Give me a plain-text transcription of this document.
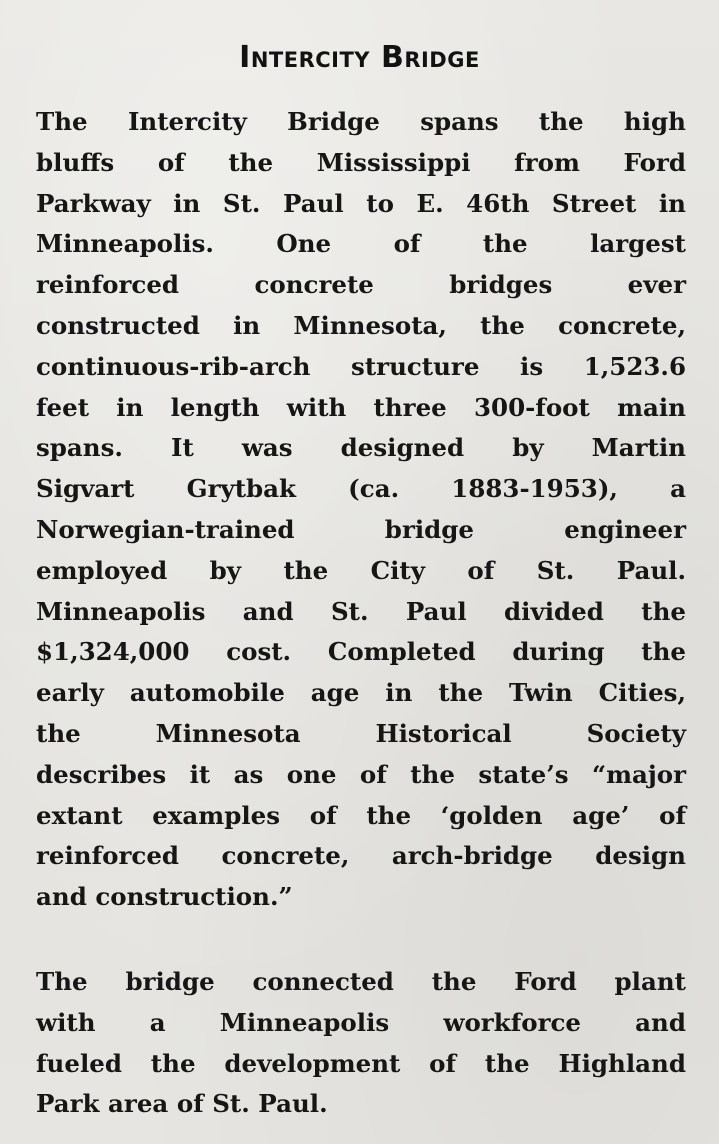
Intercity Bridge
The Intercity Bridge spans the high
bluffs of the Mississippi from Ford
Parkway in St. Paul to E. 46th Street in
Minneapolis. One of the largest
reinforced concrete bridges ever
constructed in Minnesota, the concrete,
continuous-rib-arch structure is 1,523.6
feet in length with three 300-foot main
spans. It was designed by Martin
Sigvart Grytbak (ca. 1883-1953), a
Norwegian-trained bridge engineer
employed by the City of St. Paul.
Minneapolis and St. Paul divided the
$1,324,000 cost. Completed during the
early automobile age in the Twin Cities,
the Minnesota Historical Society
describes it as one of the state’s “major
extant examples of the ‘golden age’ of
reinforced concrete, arch-bridge design
and construction.”
The bridge connected the Ford plant
with a Minneapolis workforce and
fueled the development of the Highland
Park area of St. Paul.
